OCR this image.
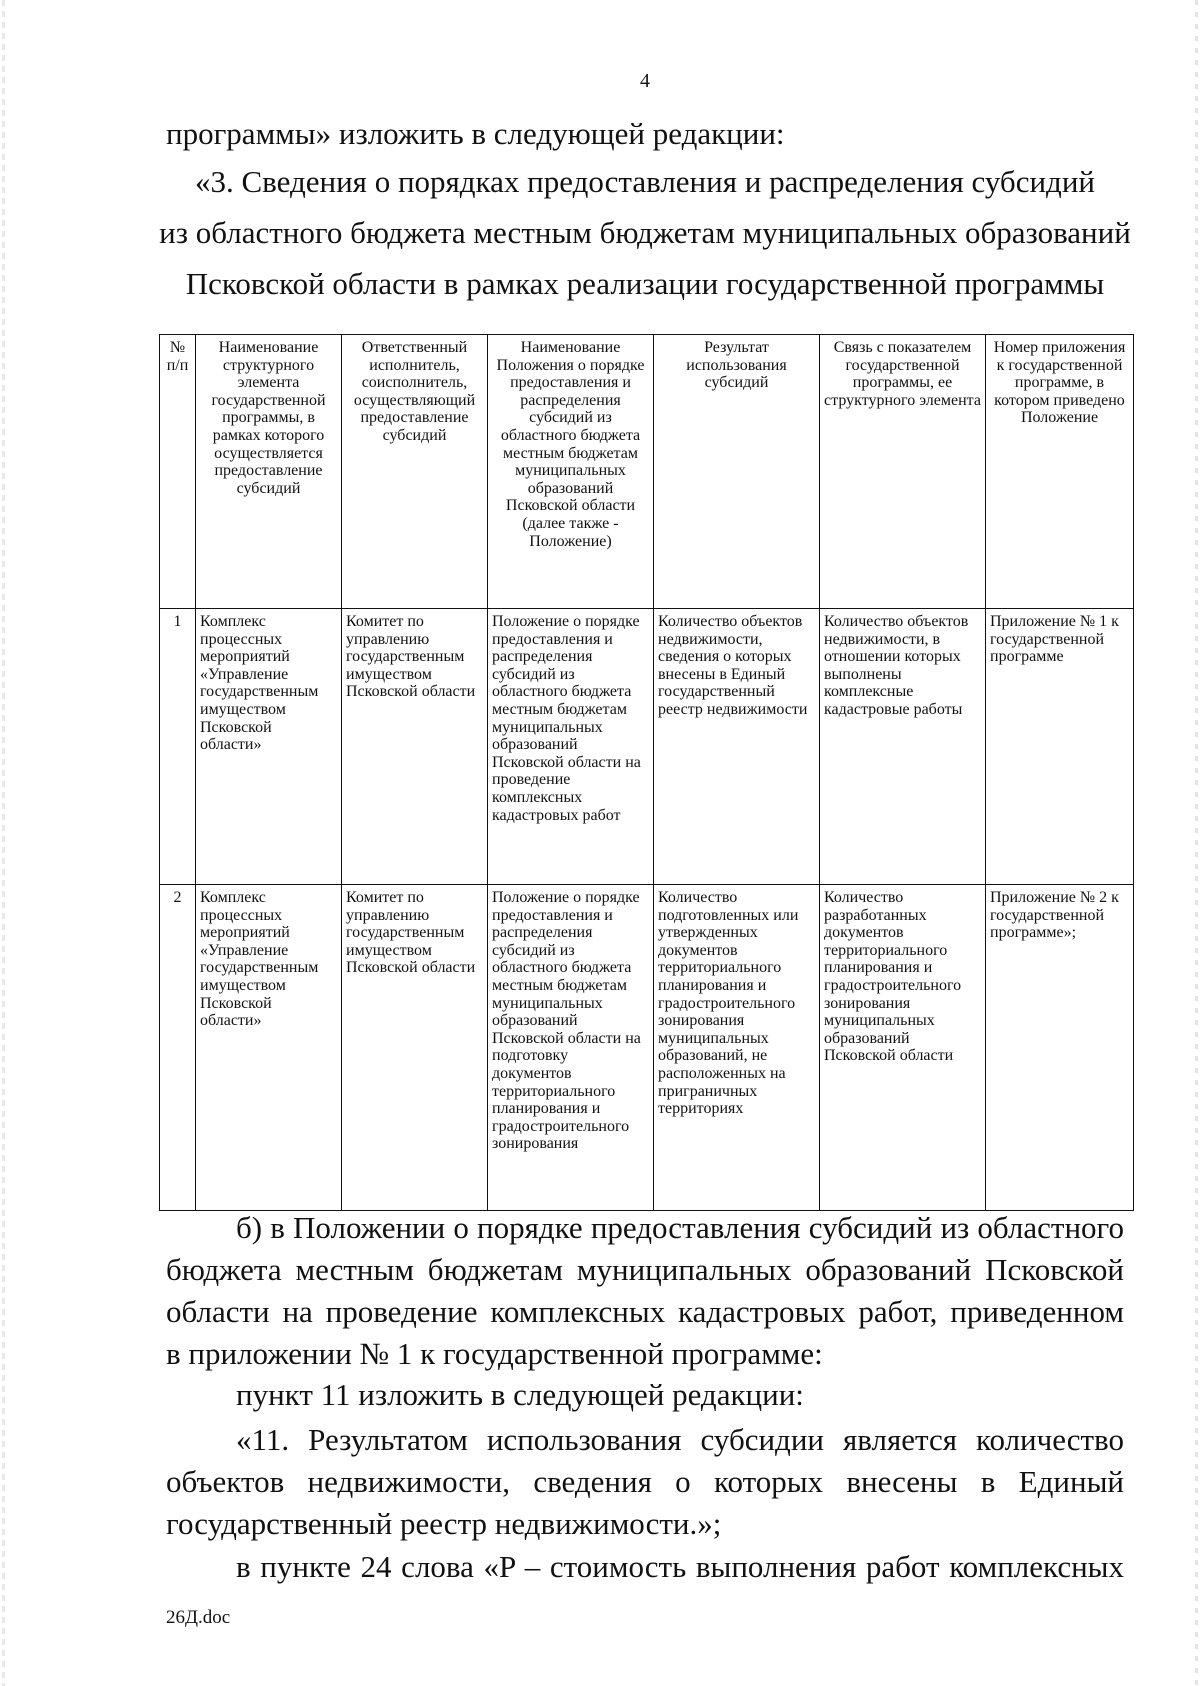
4
программы» изложить в следующей редакции:
«3. Сведения о порядках предоставления и распределения субсидий
из областного бюджета местным бюджетам муниципальных образований
Псковской области в рамках реализации государственной программы
№ п/п	Наименование структурного элемента государственной программы, в рамках которого осуществляется предоставление субсидий	Ответственный исполнитель, соисполнитель, осуществляющий предоставление субсидий	Наименование Положения о порядке предоставления и распределения субсидий из областного бюджета местным бюджетам муниципальных образований Псковской области (далее также - Положение)	Результат использования субсидий	Связь с показателем государственной программы, ее структурного элемента	Номер приложения к государственной программе, в котором приведено Положение
1	Комплекс процессных мероприятий «Управление государственным имуществом Псковской области»	Комитет по управлению государственным имуществом Псковской области	Положение о порядке предоставления и распределения субсидий из областного бюджета местным бюджетам муниципальных образований Псковской области на проведение комплексных кадастровых работ	Количество объектов недвижимости, сведения о которых внесены в Единый государственный реестр недвижимости	Количество объектов недвижимости, в отношении которых выполнены комплексные кадастровые работы	Приложение № 1 к государственной программе
2	Комплекс процессных мероприятий «Управление государственным имуществом Псковской области»	Комитет по управлению государственным имуществом Псковской области	Положение о порядке предоставления и распределения субсидий из областного бюджета местным бюджетам муниципальных образований Псковской области на подготовку документов территориального планирования и градостроительного зонирования	Количество подготовленных или утвержденных документов территориального планирования и градостроительного зонирования муниципальных образований, не расположенных на приграничных территориях	Количество разработанных документов территориального планирования и градостроительного зонирования муниципальных образований Псковской области	Приложение № 2 к государственной программе»;
б) в Положении о порядке предоставления субсидий из областного
бюджета местным бюджетам муниципальных образований Псковской
области на проведение комплексных кадастровых работ, приведенном
в приложении № 1 к государственной программе:
пункт 11 изложить в следующей редакции:
«11. Результатом использования субсидии является количество
объектов недвижимости, сведения о которых внесены в Единый
государственный реестр недвижимости.»;
в пункте 24 слова «P – стоимость выполнения работ комплексных
26Д.doc
